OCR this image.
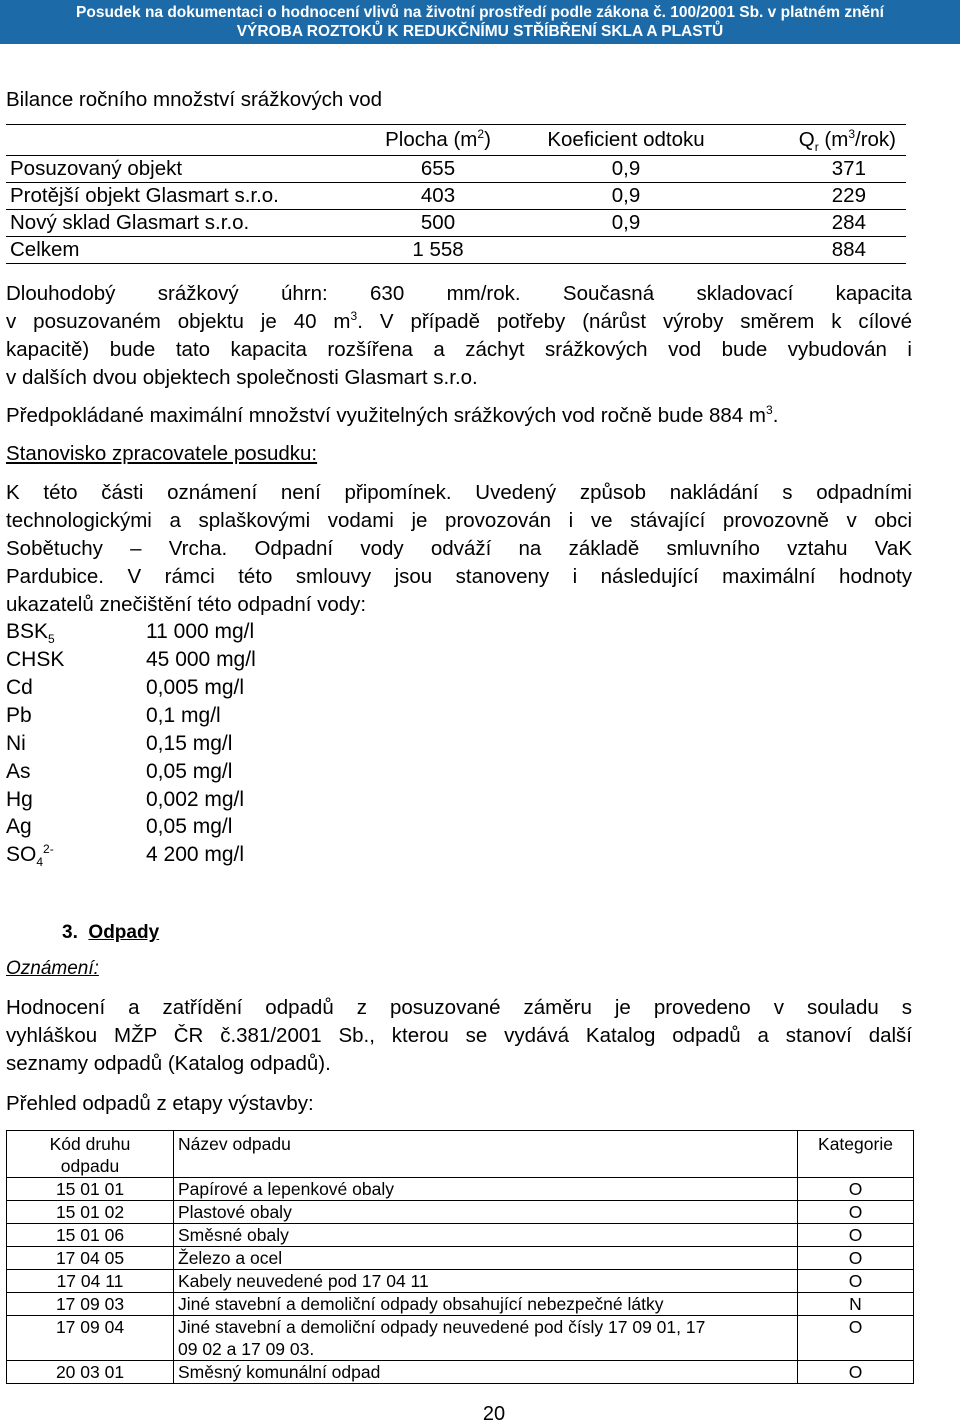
Posudek na dokumentaci o hodnocení vlivů na životní prostředí podle zákona č. 100/2001 Sb. v platném znění
VÝROBA ROZTOKŮ K REDUKČNÍMU STŘÍBŘENÍ SKLA A PLASTŮ
Bilance ročního množství srážkových vod
	Plocha $(m^2)$	Koeficient odtoku	$Q_r$ $(m^3/rok)$
Posuzovaný objekt	655	0,9	371
Protější objekt Glasmart s.r.o.	403	0,9	229
Nový sklad Glasmart s.r.o.	500	0,9	284
Celkem	1 558		884
Dlouhodobý srážkový úhrn: 630 mm/rok. Současná skladovací kapacita
v posuzovaném objektu je 40 $m^3$. V případě potřeby (nárůst výroby směrem k cílové
kapacitě) bude tato kapacita rozšířena a záchyt srážkových vod bude vybudován i
v dalších dvou objektech společnosti Glasmart s.r.o.
Předpokládané maximální množství využitelných srážkových vod ročně bude 884 $m^3$.
Stanovisko zpracovatele posudku:
K této části oznámení není připomínek. Uvedený způsob nakládání s odpadními
technologickými a splaškovými vodami je provozován i ve stávající provozovně v obci
Sobětuchy – Vrcha. Odpadní vody odváží na základě smluvního vztahu VaK
Pardubice. V rámci této smlouvy jsou stanoveny i následující maximální hodnoty
ukazatelů znečištění této odpadní vody:
$BSK_5$	11 000 mg/l
CHSK	45 000 mg/l
Cd	0,005 mg/l
Pb	0,1 mg/l
Ni	0,15 mg/l
As	0,05 mg/l
Hg	0,002 mg/l
Ag	0,05 mg/l
$SO_4^{2-}$	4 200 mg/l
3. Odpady
Oznámení:
Hodnocení a zatřídění odpadů z posuzované záměru je provedeno v souladu s
vyhláškou MŽP ČR č.381/2001 Sb., kterou se vydává Katalog odpadů a stanoví další
seznamy odpadů (Katalog odpadů).
Přehled odpadů z etapy výstavby:
Kód druhu
odpadu	Název odpadu	Kategorie
15 01 01	Papírové a lepenkové obaly	O
15 01 02	Plastové obaly	O
15 01 06	Směsné obaly	O
17 04 05	Železo a ocel	O
17 04 11	Kabely neuvedené pod 17 04 11	O
17 09 03	Jiné stavební a demoliční odpady obsahující nebezpečné látky	N
17 09 04	Jiné stavební a demoliční odpady neuvedené pod čísly 17 09 01, 17
09 02 a 17 09 03.	O
20 03 01	Směsný komunální odpad	O
20
